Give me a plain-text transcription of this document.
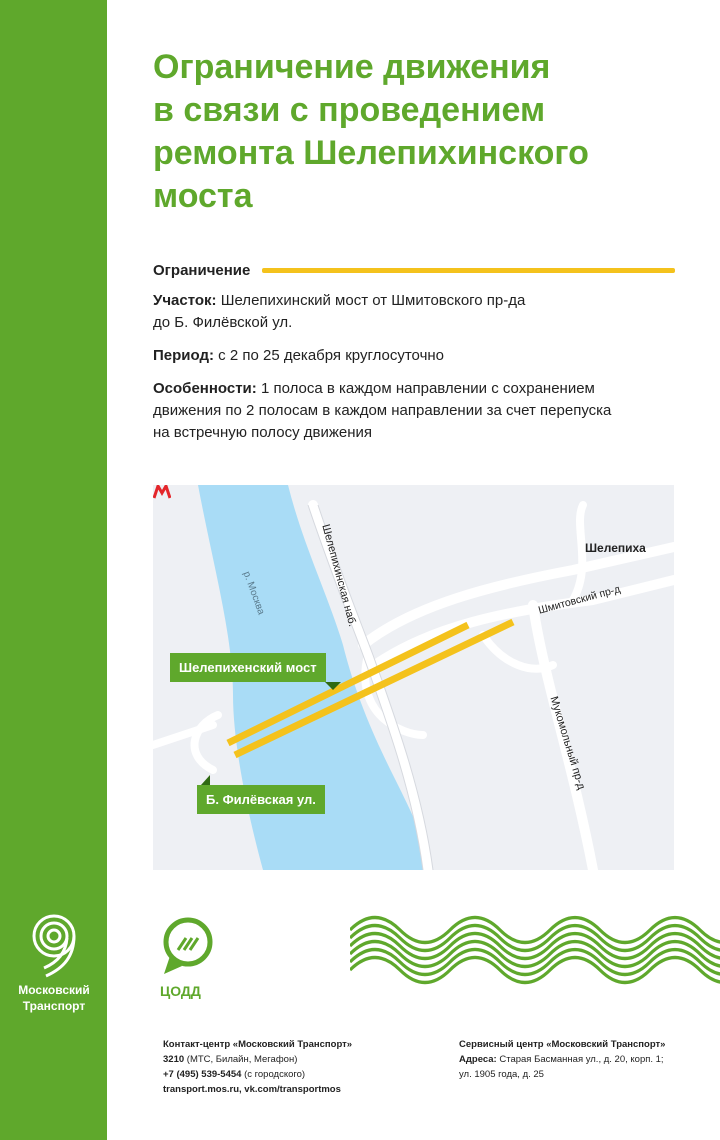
Московский
Транспорт
Ограничение движения
в связи с проведением
ремонта Шелепихинского
моста
Ограничение
Участок: Шелепихинский мост от Шмитовского пр-да
до Б. Филёвской ул.
Период: с 2 по 25 декабря круглосуточно
Особенности: 1 полоса в каждом направлении с сохранением
движения по 2 полосам в каждом направлении за счет перепуска
на встречную полосу движения
р. Москва	Шелепихинская наб.	Шмитовский пр-д
Мукомольный пр-д
Шелепиха
Шелепихенский мост
Б. Филёвская ул.
ЦОДД
Контакт-центр «Московский Транспорт»
3210 (МТС, Билайн, Мегафон)
+7 (495) 539-5454 (с городского)
transport.mos.ru, vk.com/transportmos
Сервисный центр «Московский Транспорт»
Адреса: Старая Басманная ул., д. 20, корп. 1;
ул. 1905 года, д. 25
